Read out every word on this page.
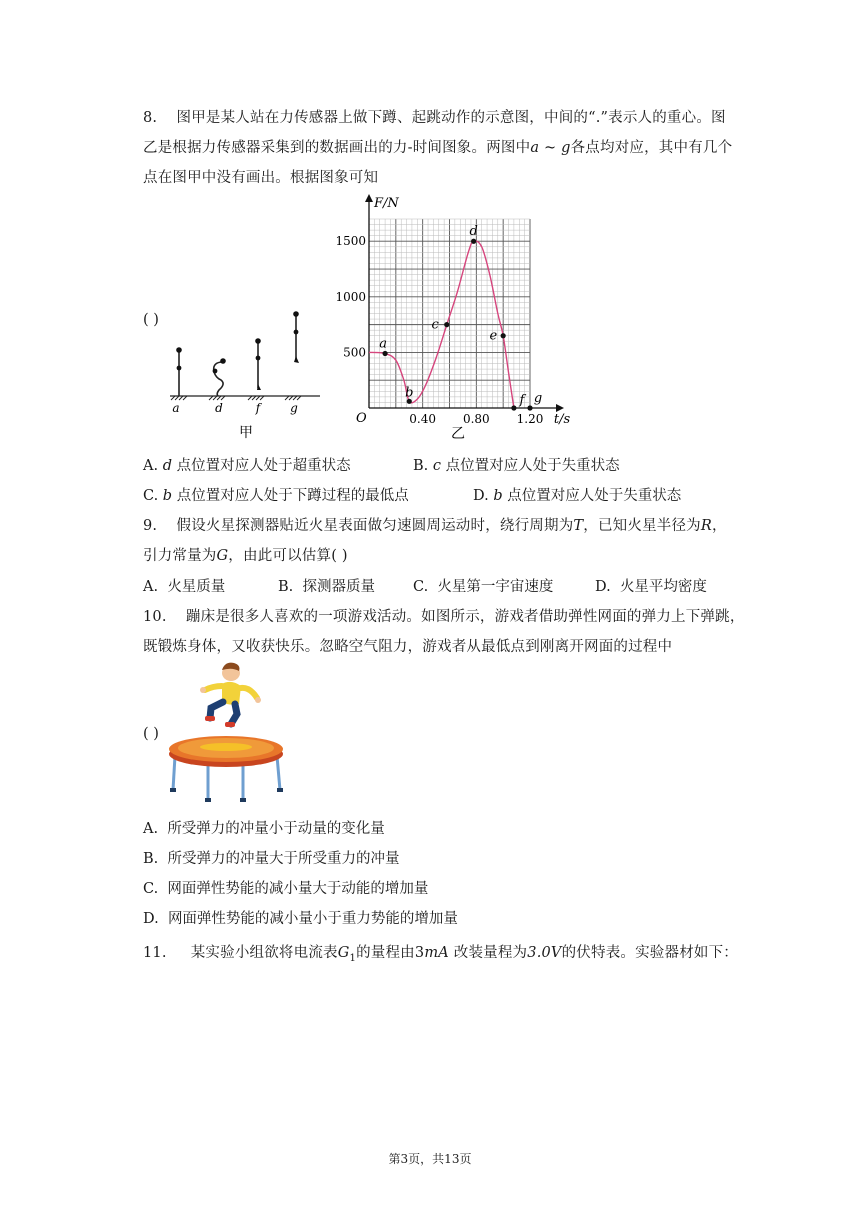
8. 图甲是某人站在力传感器上做下蹲、起跳动作的示意图，中间的“.”表示人的重心。图
乙是根据力传感器采集到的数据画出的力-时间图象。两图中a ~ g各点均对应，其中有几个
点在图甲中没有画出。根据图象可知
( )
a	d	f g
甲
0.40 0.80 1.20
500
1000
1500
a
b
c
d
e
f g
F/N
t/s
O
乙
A. d 点位置对应人处于超重状态	B. c 点位置对应人处于失重状态
C. b 点位置对应人处于下蹲过程的最低点	D. b 点位置对应人处于失重状态
9. 假设火星探测器贴近火星表面做匀速圆周运动时，绕行周期为T，已知火星半径为R，
引力常量为G，由此可以估算( )
A. 火星质量	B. 探测器质量	C. 火星第一宇宙速度	D. 火星平均密度
10. 蹦床是很多人喜欢的一项游戏活动。如图所示，游戏者借助弹性网面的弹力上下弹跳，
既锻炼身体，又收获快乐。忽略空气阻力，游戏者从最低点到刚离开网面的过程中
( )
A. 所受弹力的冲量小于动量的变化量
B. 所受弹力的冲量大于所受重力的冲量
C. 网面弹性势能的减小量大于动能的增加量
D. 网面弹性势能的减小量小于重力势能的增加量
11. 某实验小组欲将电流表$G_1$的量程由3mA 改装量程为3.0V的伏特表。实验器材如下：
第3页，共13页
